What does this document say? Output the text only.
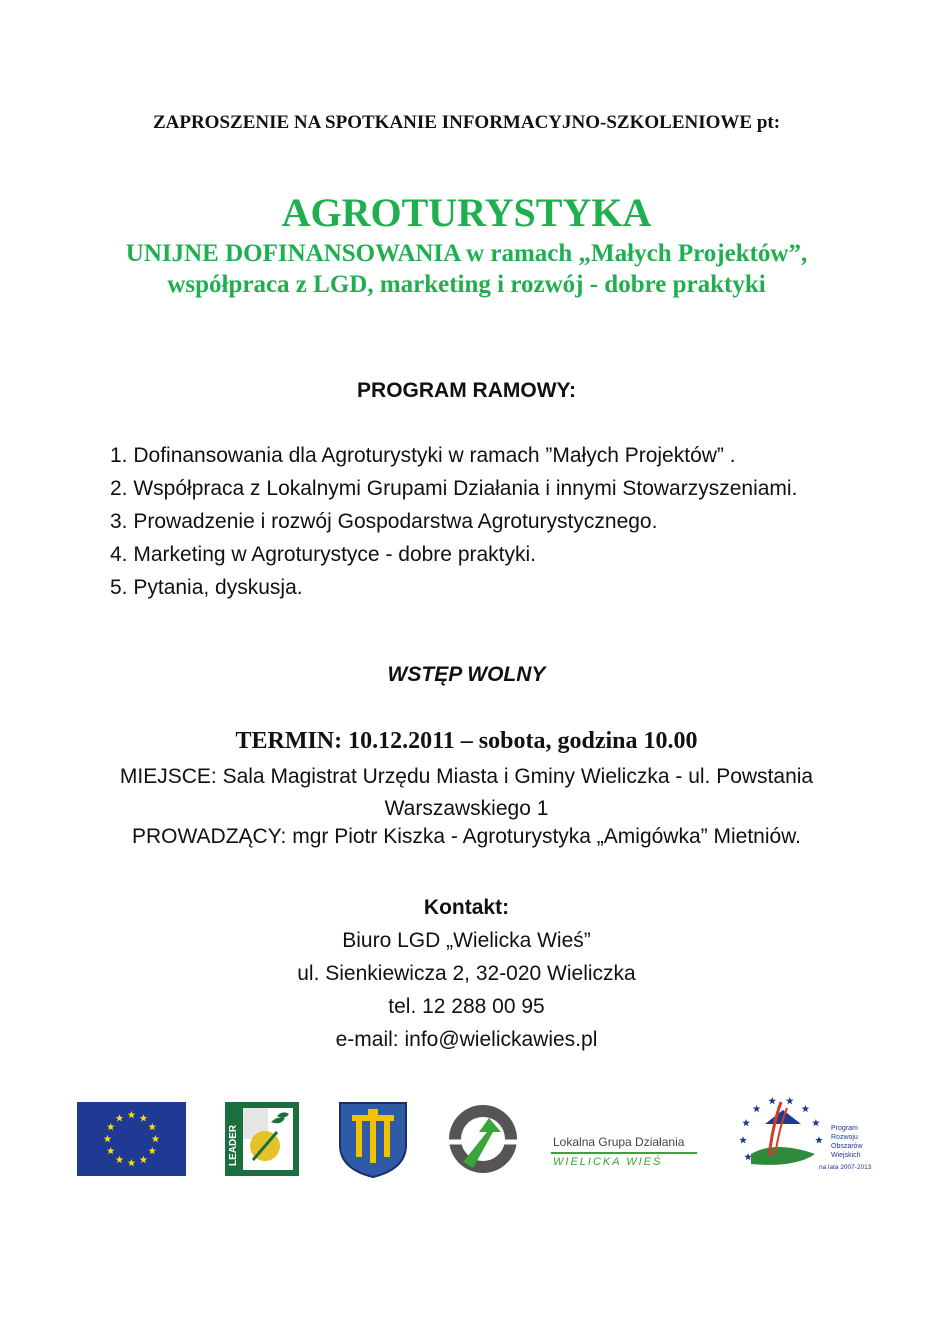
ZAPROSZENIE NA SPOTKANIE INFORMACYJNO-SZKOLENIOWE pt:
AGROTURYSTYKA
UNIJNE DOFINANSOWANIA w ramach „Małych Projektów”,
współpraca z LGD, marketing i rozwój - dobre praktyki
PROGRAM RAMOWY:
1. Dofinansowania dla Agroturystyki w ramach ”Małych Projektów” .
2. Współpraca z Lokalnymi Grupami Działania i innymi Stowarzyszeniami.
3. Prowadzenie i rozwój Gospodarstwa Agroturystycznego.
4. Marketing w Agroturystyce - dobre praktyki.
5. Pytania, dyskusja.
WSTĘP WOLNY
TERMIN: 10.12.2011 – sobota, godzina 10.00
MIEJSCE: Sala Magistrat Urzędu Miasta i Gminy Wieliczka - ul. Powstania
Warszawskiego 1
PROWADZĄCY: mgr Piotr Kiszka - Agroturystyka „Amigówka” Mietniów.
Kontakt:
Biuro LGD „Wielicka Wieś”
ul. Sienkiewicza 2, 32-020 Wieliczka
tel. 12 288 00 95
e-mail: info@wielickawies.pl
LEADER	Lokalna Grupa Działania
WIELICKA WIEŚ
Program
Rozwoju
Obszarów
Wiejskich
na lata 2007-2013
